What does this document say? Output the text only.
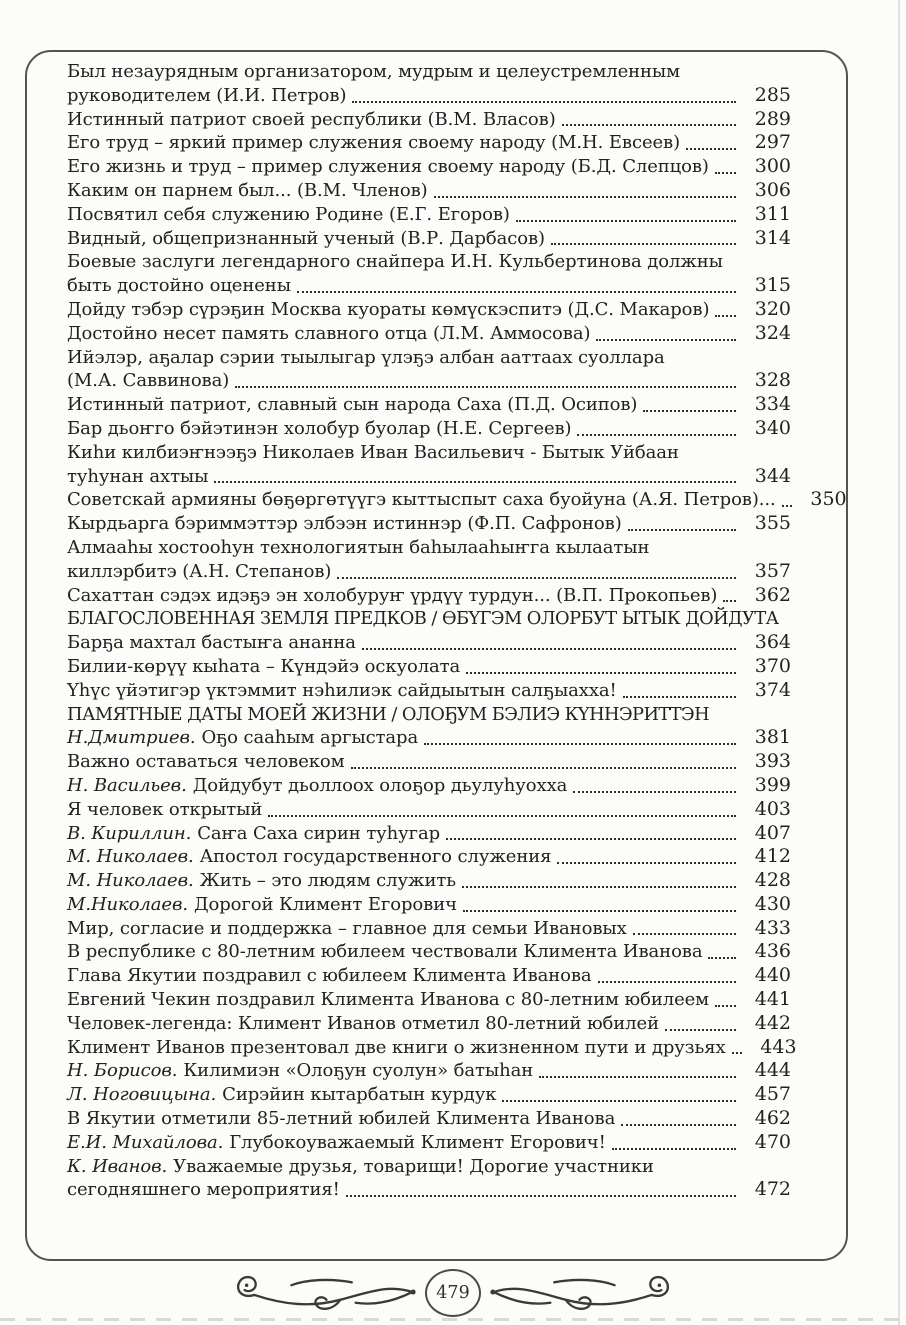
Был незаурядным организатором, мудрым и целеустремленным
руководителем (И.И. Петров)	285
Истинный патриот своей республики (В.М. Власов)	289
Его труд – яркий пример служения своему народу (М.Н. Евсеев)	297
Его жизнь и труд – пример служения своему народу (Б.Д. Слепцов)	300
Каким он парнем был... (В.М. Членов)	306
Посвятил себя служению Родине (Е.Г. Егоров)	311
Видный, общепризнанный ученый (В.Р. Дарбасов)	314
Боевые заслуги легендарного снайпера И.Н. Кульбертинова должны
быть достойно оценены	315
Дойду тэбэр сүрэҕин Москва куораты көмүскэспитэ (Д.С. Макаров)	320
Достойно несет память славного отца (Л.М. Аммосова)	324
Ийэлэр, аҕалар сэрии тыылыгар үлэҕэ албан ааттаах суоллара
(М.А. Саввинова)	328
Истинный патриот, славный сын народа Саха (П.Д. Осипов)	334
Бар дьоҥго бэйэтинэн холобур буолар (Н.Е. Сергеев)	340
Киһи килбиэҥнээҕэ Николаев Иван Васильевич - Бытык Уйбаан
туһунан ахтыы	344
Советскай армияны бөҕөргөтүүгэ кыттыспыт саха буойуна (А.Я. Петров)...	350
Кырдьарга бэриммэттэр элбээн истиннэр (Ф.П. Сафронов)	355
Алмааһы хостооһун технологиятын баһылааһыҥга кылаатын
киллэрбитэ (А.Н. Степанов)	357
Сахаттан сэдэх идэҕэ эн холобуруҥ үрдүү турдун... (В.П. Прокопьев)	362
БЛАГОСЛОВЕННАЯ ЗЕМЛЯ ПРЕДКОВ / ӨБҮГЭМ ОЛОРБУТ ЫТЫК ДОЙДУТА
Барҕа махтал бастыҥа ананна	364
Билии-көрүү кыһата – Күндэйэ оскуолата	370
Үһүс үйэтигэр үктэммит нэһилиэк сайдыытын салҕыахха!	374
ПАМЯТНЫЕ ДАТЫ МОЕЙ ЖИЗНИ / ОЛОҔУМ БЭЛИЭ КҮННЭРИТТЭН
Н.Дмитриев. Оҕо сааһым аргыстара	381
Важно оставаться человеком	393
Н. Васильев. Дойдубут дьоллоох олоҕор дьулуһуохха	399
Я человек открытый	403
В. Кириллин. Саҥа Саха сирин туһугар	407
М. Николаев. Апостол государственного служения	412
М. Николаев. Жить – это людям служить	428
М.Николаев. Дорогой Климент Егорович	430
Мир, согласие и поддержка – главное для семьи Ивановых	433
В республике с 80-летним юбилеем чествовали Климента Иванова	436
Глава Якутии поздравил с юбилеем Климента Иванова	440
Евгений Чекин поздравил Климента Иванова с 80-летним юбилеем	441
Человек-легенда: Климент Иванов отметил 80-летний юбилей	442
Климент Иванов презентовал две книги о жизненном пути и друзьях	443
Н. Борисов. Килимиэн «Олоҕун суолун» батыһан	444
Л. Ноговицына. Сирэйин кытарбатын курдук	457
В Якутии отметили 85-летний юбилей Климента Иванова	462
Е.И. Михайлова. Глубокоуважаемый Климент Егорович!	470
К. Иванов. Уважаемые друзья, товарищи! Дорогие участники
сегодняшнего мероприятия!	472
479
